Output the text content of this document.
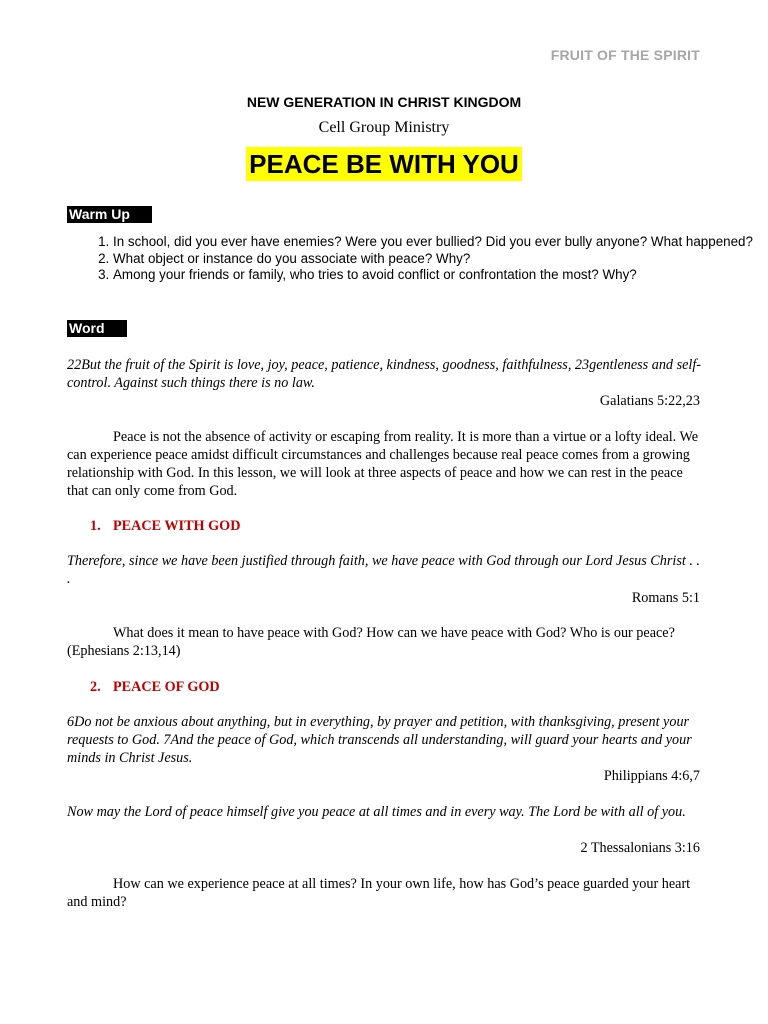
FRUIT OF THE SPIRIT
NEW GENERATION IN CHRIST KINGDOM
Cell Group Ministry
PEACE BE WITH YOU
Warm Up
1. In school, did you ever have enemies? Were you ever bullied? Did you ever bully anyone? What happened?
2. What object or instance do you associate with peace? Why?
3. Among your friends or family, who tries to avoid conflict or confrontation the most? Why?
Word
22But the fruit of the Spirit is love, joy, peace, patience, kindness, goodness, faithfulness, 23gentleness and self-control. Against such things there is no law.
Galatians 5:22,23
Peace is not the absence of activity or escaping from reality. It is more than a virtue or a lofty ideal. We can experience peace amidst difficult circumstances and challenges because real peace comes from a growing relationship with God. In this lesson, we will look at three aspects of peace and how we can rest in the peace that can only come from God.
1. PEACE WITH GOD
Therefore, since we have been justified through faith, we have peace with God through our Lord Jesus Christ . . .
Romans 5:1
What does it mean to have peace with God? How can we have peace with God? Who is our peace? (Ephesians 2:13,14)
2. PEACE OF GOD
6Do not be anxious about anything, but in everything, by prayer and petition, with thanksgiving, present your requests to God. 7And the peace of God, which transcends all understanding, will guard your hearts and your minds in Christ Jesus.
Philippians 4:6,7
Now may the Lord of peace himself give you peace at all times and in every way. The Lord be with all of you.
2 Thessalonians 3:16
How can we experience peace at all times? In your own life, how has God’s peace guarded your heart and mind?
